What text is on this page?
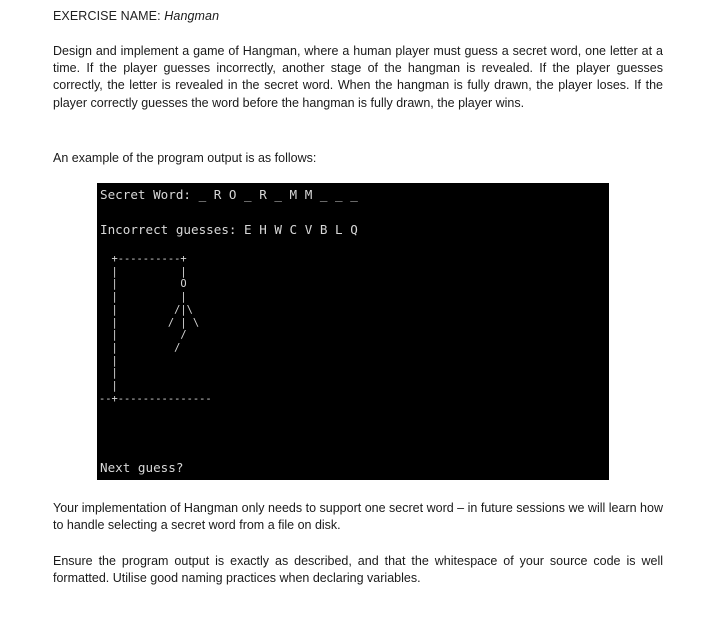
EXERCISE NAME: Hangman

Design and implement a game of Hangman, where a human player must guess a secret word, one letter at a time. If the player guesses incorrectly, another stage of the hangman is revealed. If the player guesses correctly, the letter is revealed in the secret word. When the hangman is fully drawn, the player loses. If the player correctly guesses the word before the hangman is fully drawn, the player wins.

An example of the program output is as follows:

Secret Word: _ R O _ R _ M M _ _ _
Incorrect guesses: E H W C V B L Q
+----------+
|          |
|          O
|          |
|         /|\
|        / | \
|          /
|         /
|
|
|
--+---------------
Next guess?

Your implementation of Hangman only needs to support one secret word – in future sessions we will learn how to handle selecting a secret word from a file on disk.

Ensure the program output is exactly as described, and that the whitespace of your source code is well formatted. Utilise good naming practices when declaring variables.
